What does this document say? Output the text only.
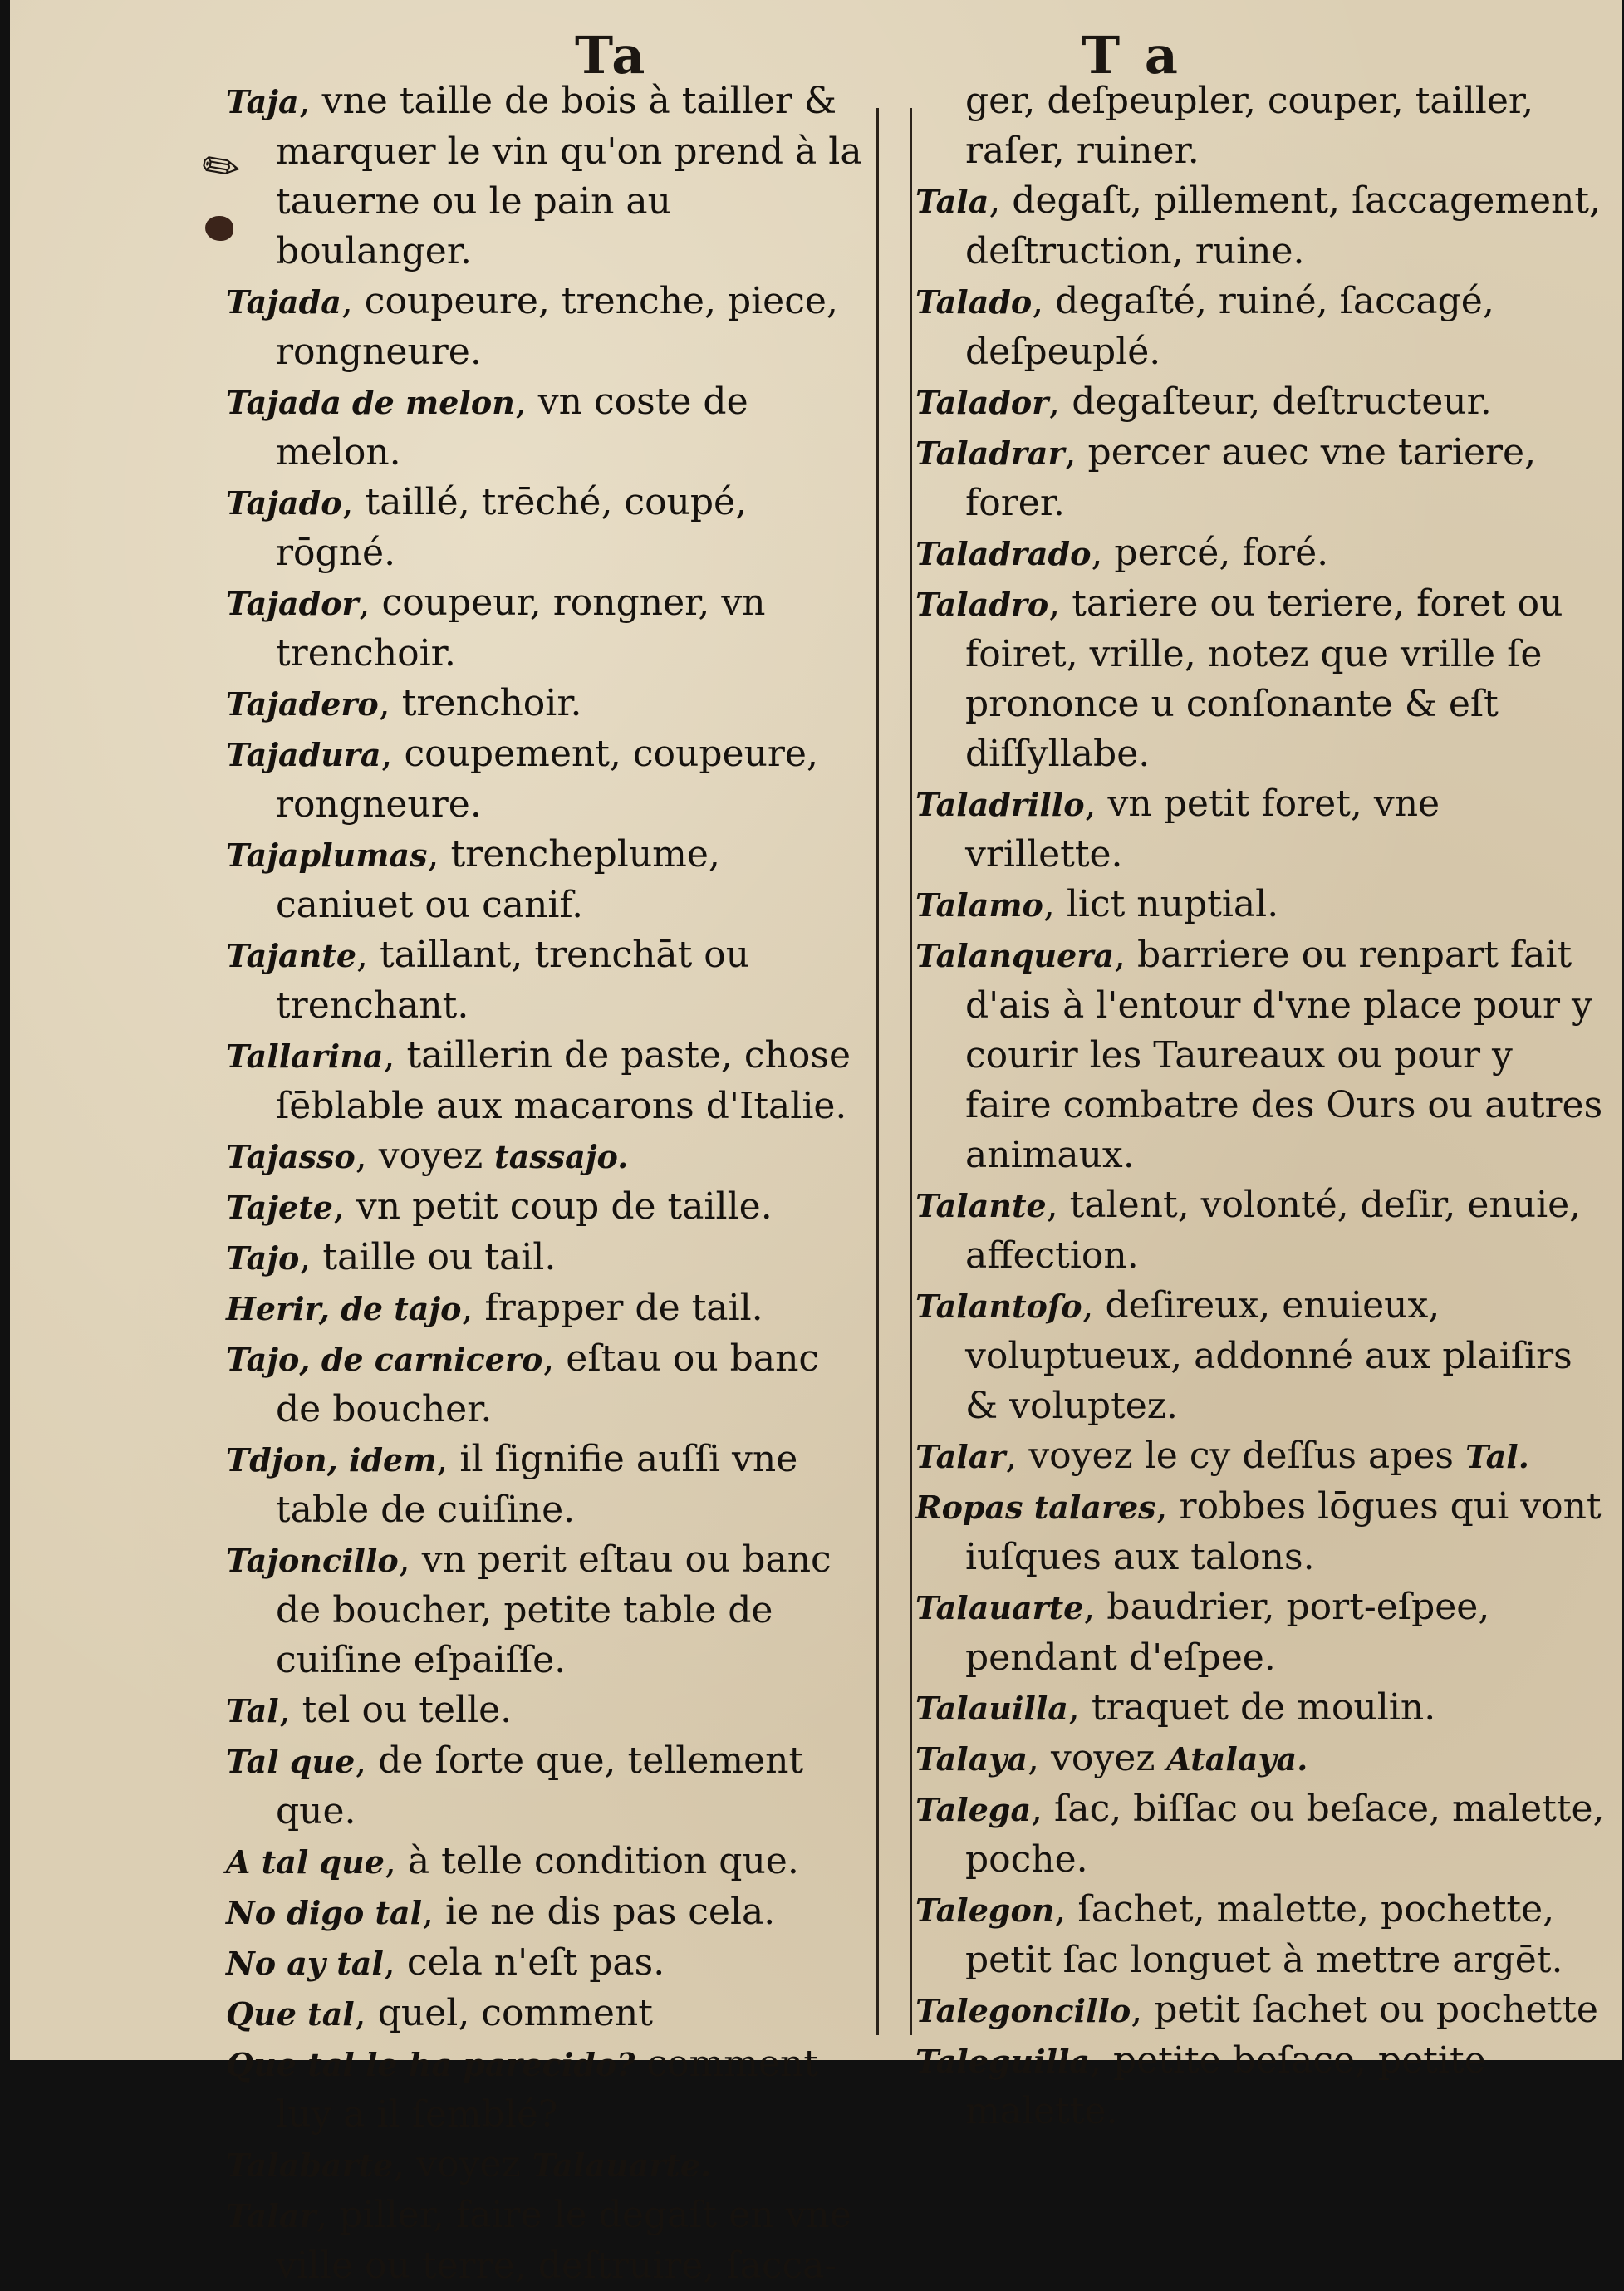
✎
Ta	T a

Taja, vne taille de bois à tailler & marquer le vin qu'on prend à la tauerne ou le pain au boulanger.

Tajada, coupeure, trenche, piece, rongneure.

Tajada de melon, vn coste de melon.

Tajado, taillé, trēché, coupé, rōgné.

Tajador, coupeur, rongner, vn trenchoir.

Tajadero, trenchoir.

Tajadura, coupement, coupeure, rongneure.

Tajaplumas, trencheplume, caniuet ou canif.

Tajante, taillant, trenchāt ou trenchant.

Tallarina, taillerin de paste, chose ſēblable aux macarons d'Italie.

Tajasso, voyez tassajo.

Tajete, vn petit coup de taille.

Tajo, taille ou tail.

Herir, de tajo, frapper de tail.

Tajo, de carnicero, eſtau ou banc de boucher.

Tdjon, idem, il ſignifie auſſi vne table de cuiſine.

Tajoncillo, vn perit eſtau ou banc de boucher, petite table de cuiſine eſpaiſſe.

Tal, tel ou telle.

Tal que, de ſorte que, tellement que.

A tal que, à telle condition que.

No digo tal, ie ne dis pas cela.

No ay tal, cela n'eſt pas.

Que tal, quel, comment

Que tal le ha parecido? comment luy a il ſemblé?

Talabarte, voyez Talauarte.

Talar, piller, faire le degaſt en vne ville ou terre, deſtruire, ſacca-

ger, deſpeupler, couper, tailler, raſer, ruiner.

Tala, degaſt, pillement, ſaccagement, deſtruction, ruine.

Talado, degaſté, ruiné, ſaccagé, deſpeuplé.

Talador, degaſteur, deſtructeur.

Taladrar, percer auec vne tariere, forer.

Taladrado, percé, foré.

Taladro, tariere ou teriere, foret ou foiret, vrille, notez que vrille ſe prononce u conſonante & eſt diſſyllabe.

Taladrillo, vn petit foret, vne vrillette.

Talamo, lict nuptial.

Talanquera, barriere ou renpart fait d'ais à l'entour d'vne place pour y courir les Taureaux ou pour y faire combatre des Ours ou autres animaux.

Talante, talent, volonté, deſir, enuie, affection.

Talantoſo, deſireux, enuieux, voluptueux, addonné aux plaiſirs & voluptez.

Talar, voyez le cy deſſus apes Tal.

Ropas talares, robbes lōgues qui vont iuſques aux talons.

Talauarte, baudrier, port-eſpee, pendant d'eſpee.

Talauilla, traquet de moulin.

Talaya, voyez Atalaya.

Talega, ſac, biſſac ou beſace, malette, poche.

Talegon, ſachet, malette, pochette, petit ſac longuet à mettre argēt.

Talegoncillo, petit ſachet ou pochette

Taleguilla, petite beſace, petite malette.
